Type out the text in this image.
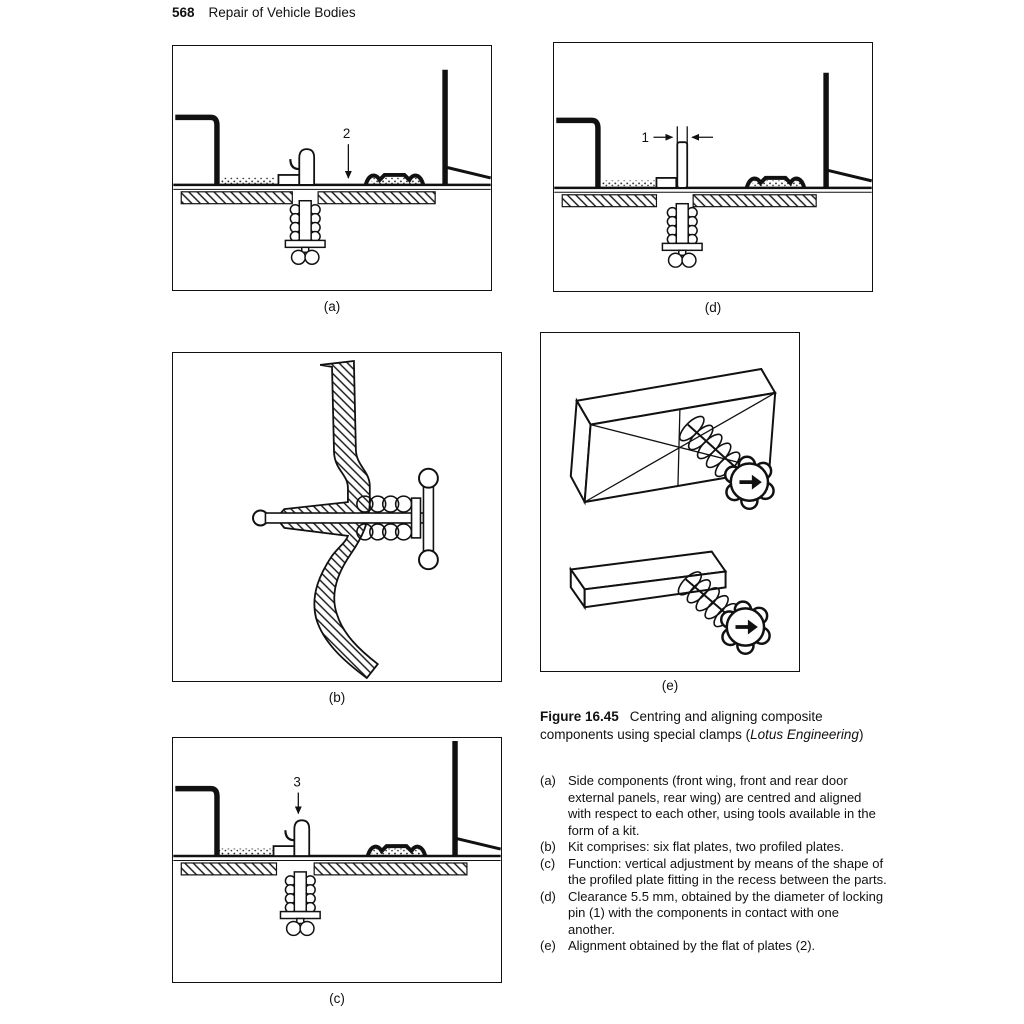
568 Repair of Vehicle Bodies
2
(a)
1
(d)
(b)
(e)
3
(c)
Figure 16.45 Centring and aligning composite components using special clamps (Lotus Engineering)
(a) Side components (front wing, front and rear door external panels, rear wing) are centred and aligned with respect to each other, using tools available in the form of a kit.
(b) Kit comprises: six flat plates, two profiled plates.
(c) Function: vertical adjustment by means of the shape of the profiled plate fitting in the recess between the parts.
(d) Clearance 5.5 mm, obtained by the diameter of locking pin (1) with the components in contact with one another.
(e) Alignment obtained by the flat of plates (2).
